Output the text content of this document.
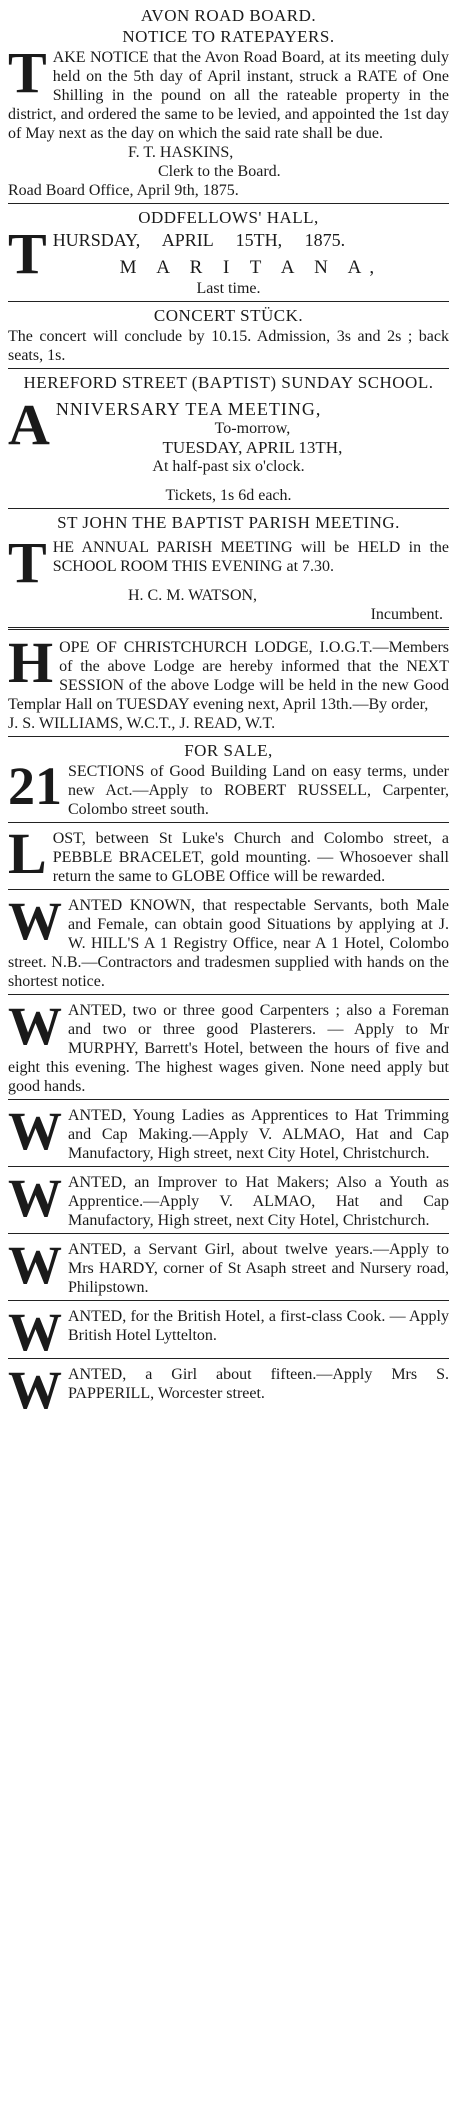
AVON ROAD BOARD.
NOTICE TO RATEPAYERS.
T AKE NOTICE that the Avon Road Board, at its meeting duly held on the 5th day of April instant, struck a RATE of One Shilling in the pound on all the rateable property in the district, and ordered the same to be levied, and appointed the 1st day of May next as the day on which the said rate shall be due.
F. T. HASKINS,
Clerk to the Board.
Road Board Office, April 9th, 1875.
ODDFELLOWS' HALL,
T HURSDAY,     APRIL     15TH,     1875.
M A R I T A N A,
Last time.
CONCERT STÜCK.
The concert will conclude by 10.15. Admission, 3s and 2s ; back seats, 1s.
HEREFORD STREET (BAPTIST) SUNDAY SCHOOL.
A NNIVERSARY TEA MEETING,
To-morrow,
TUESDAY, APRIL 13TH,
At half-past six o'clock.
Tickets, 1s 6d each.
ST JOHN THE BAPTIST PARISH MEETING.
T HE ANNUAL PARISH MEETING will be HELD in the SCHOOL ROOM THIS EVENING at 7.30.
H. C. M. WATSON,
Incumbent.
H OPE OF CHRISTCHURCH LODGE, I.O.G.T.—Members of the above Lodge are hereby informed that the NEXT SESSION of the above Lodge will be held in the new Good Templar Hall on TUESDAY evening next, April 13th.—By order,
J. S. WILLIAMS, W.C.T., J. READ, W.T.
FOR SALE,
21 SECTIONS of Good Building Land on easy terms, under new Act.—Apply to ROBERT RUSSELL, Carpenter, Colombo street south.
L OST, between St Luke's Church and Colombo street, a PEBBLE BRACELET, gold mounting. — Whosoever shall return the same to GLOBE Office will be rewarded.
W ANTED KNOWN, that respectable Servants, both Male and Female, can obtain good Situations by applying at J. W. HILL'S A 1 Registry Office, near A 1 Hotel, Colombo street. N.B.—Contractors and tradesmen supplied with hands on the shortest notice.
W ANTED, two or three good Carpenters ; also a Foreman and two or three good Plasterers. — Apply to Mr MURPHY, Barrett's Hotel, between the hours of five and eight this evening. The highest wages given. None need apply but good hands.
W ANTED, Young Ladies as Apprentices to Hat Trimming and Cap Making.—Apply V. ALMAO, Hat and Cap Manufactory, High street, next City Hotel, Christchurch.
W ANTED, an Improver to Hat Makers; Also a Youth as Apprentice.—Apply V. ALMAO, Hat and Cap Manufactory, High street, next City Hotel, Christchurch.
W ANTED, a Servant Girl, about twelve years.—Apply to Mrs HARDY, corner of St Asaph street and Nursery road, Philipstown.
W ANTED, for the British Hotel, a first-class Cook. — Apply British Hotel Lyttelton.
W ANTED, a Girl about fifteen.—Apply Mrs S. PAPPERILL, Worcester street.
